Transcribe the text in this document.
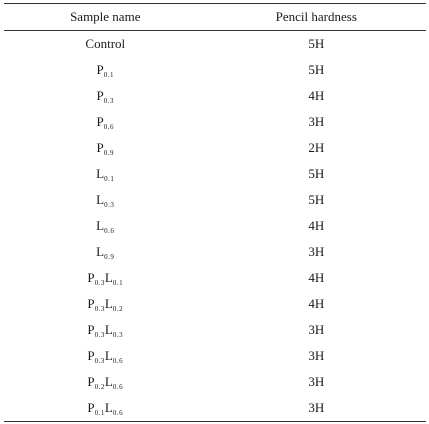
Sample name	Pencil hardness
Control	5H
$P_{0.1}$	5H
$P_{0.3}$	4H
$P_{0.6}$	3H
$P_{0.9}$	2H
$L_{0.1}$	5H
$L_{0.3}$	5H
$L_{0.6}$	4H
$L_{0.9}$	3H
$P_{0.3}L_{0.1}$	4H
$P_{0.3}L_{0.2}$	4H
$P_{0.3}L_{0.3}$	3H
$P_{0.3}L_{0.6}$	3H
$P_{0.2}L_{0.6}$	3H
$P_{0.1}L_{0.6}$	3H
